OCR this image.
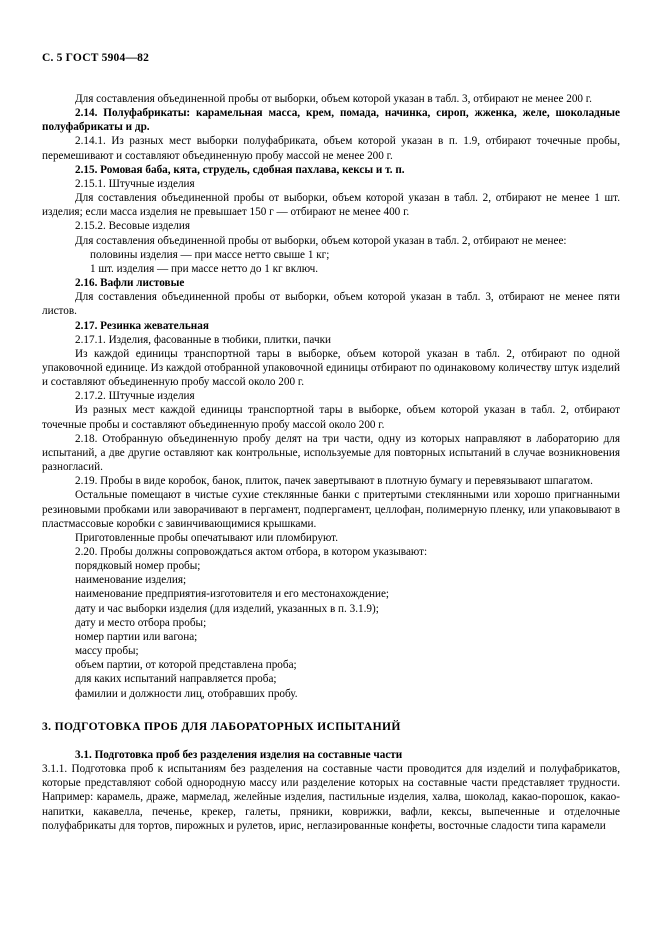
С. 5 ГОСТ 5904—82

Для составления объединенной пробы от выборки, объем которой указан в табл. 3, отбирают не менее 200 г.

2.14. Полуфабрикаты: карамельная масса, крем, помада, начинка, сироп, жженка, желе, шоколадные полуфабрикаты и др.

2.14.1. Из разных мест выборки полуфабриката, объем которой указан в п. 1.9, отбирают точечные пробы, перемешивают и составляют объединенную пробу массой не менее 200 г.

2.15. Ромовая баба, кята, струдель, сдобная пахлава, кексы и т. п.

2.15.1. Штучные изделия

Для составления объединенной пробы от выборки, объем которой указан в табл. 2, отбирают не менее 1 шт. изделия; если масса изделия не превышает 150 г — отбирают не менее 400 г.

2.15.2. Весовые изделия

Для составления объединенной пробы от выборки, объем которой указан в табл. 2, отбирают не менее:

половины изделия — при массе нетто свыше 1 кг;

1 шт. изделия — при массе нетто до 1 кг включ.

2.16. Вафли листовые

Для составления объединенной пробы от выборки, объем которой указан в табл. 3, отбирают не менее пяти листов.

2.17. Резинка жевательная

2.17.1. Изделия, фасованные в тюбики, плитки, пачки

Из каждой единицы транспортной тары в выборке, объем которой указан в табл. 2, отбирают по одной упаковочной единице. Из каждой отобранной упаковочной единицы отбирают по одинаковому количеству штук изделий и составляют объединенную пробу массой около 200 г.

2.17.2. Штучные изделия

Из разных мест каждой единицы транспортной тары в выборке, объем которой указан в табл. 2, отбирают точечные пробы и составляют объединенную пробу массой около 200 г.

2.18. Отобранную объединенную пробу делят на три части, одну из которых направляют в лабораторию для испытаний, а две другие оставляют как контрольные, используемые для повторных испытаний в случае возникновения разногласий.

2.19. Пробы в виде коробок, банок, плиток, пачек завертывают в плотную бумагу и перевязывают шпагатом.

Остальные помещают в чистые сухие стеклянные банки с притертыми стеклянными или хорошо пригнанными резиновыми пробками или заворачивают в пергамент, подпергамент, целлофан, полимерную пленку, или упаковывают в пластмассовые коробки с завинчивающимися крышками.

Приготовленные пробы опечатывают или пломбируют.

2.20. Пробы должны сопровождаться актом отбора, в котором указывают:

порядковый номер пробы;

наименование изделия;

наименование предприятия-изготовителя и его местонахождение;

дату и час выборки изделия (для изделий, указанных в п. 3.1.9);

дату и место отбора пробы;

номер партии или вагона;

массу пробы;

объем партии, от которой представлена проба;

для каких испытаний направляется проба;

фамилии и должности лиц, отобравших пробу.

3. ПОДГОТОВКА ПРОБ ДЛЯ ЛАБОРАТОРНЫХ ИСПЫТАНИЙ

3.1. Подготовка проб без разделения изделия на составные части

3.1.1. Подготовка проб к испытаниям без разделения на составные части проводится для изделий и полуфабрикатов, которые представляют собой однородную массу или разделение которых на составные части представляет трудности. Например: карамель, драже, мармелад, желейные изделия, пастильные изделия, халва, шоколад, какао-порошок, какао-напитки, какавелла, печенье, крекер, галеты, пряники, коврижки, вафли, кексы, выпеченные и отделочные полуфабрикаты для тортов, пирожных и рулетов, ирис, неглазированные конфеты, восточные сладости типа карамели
